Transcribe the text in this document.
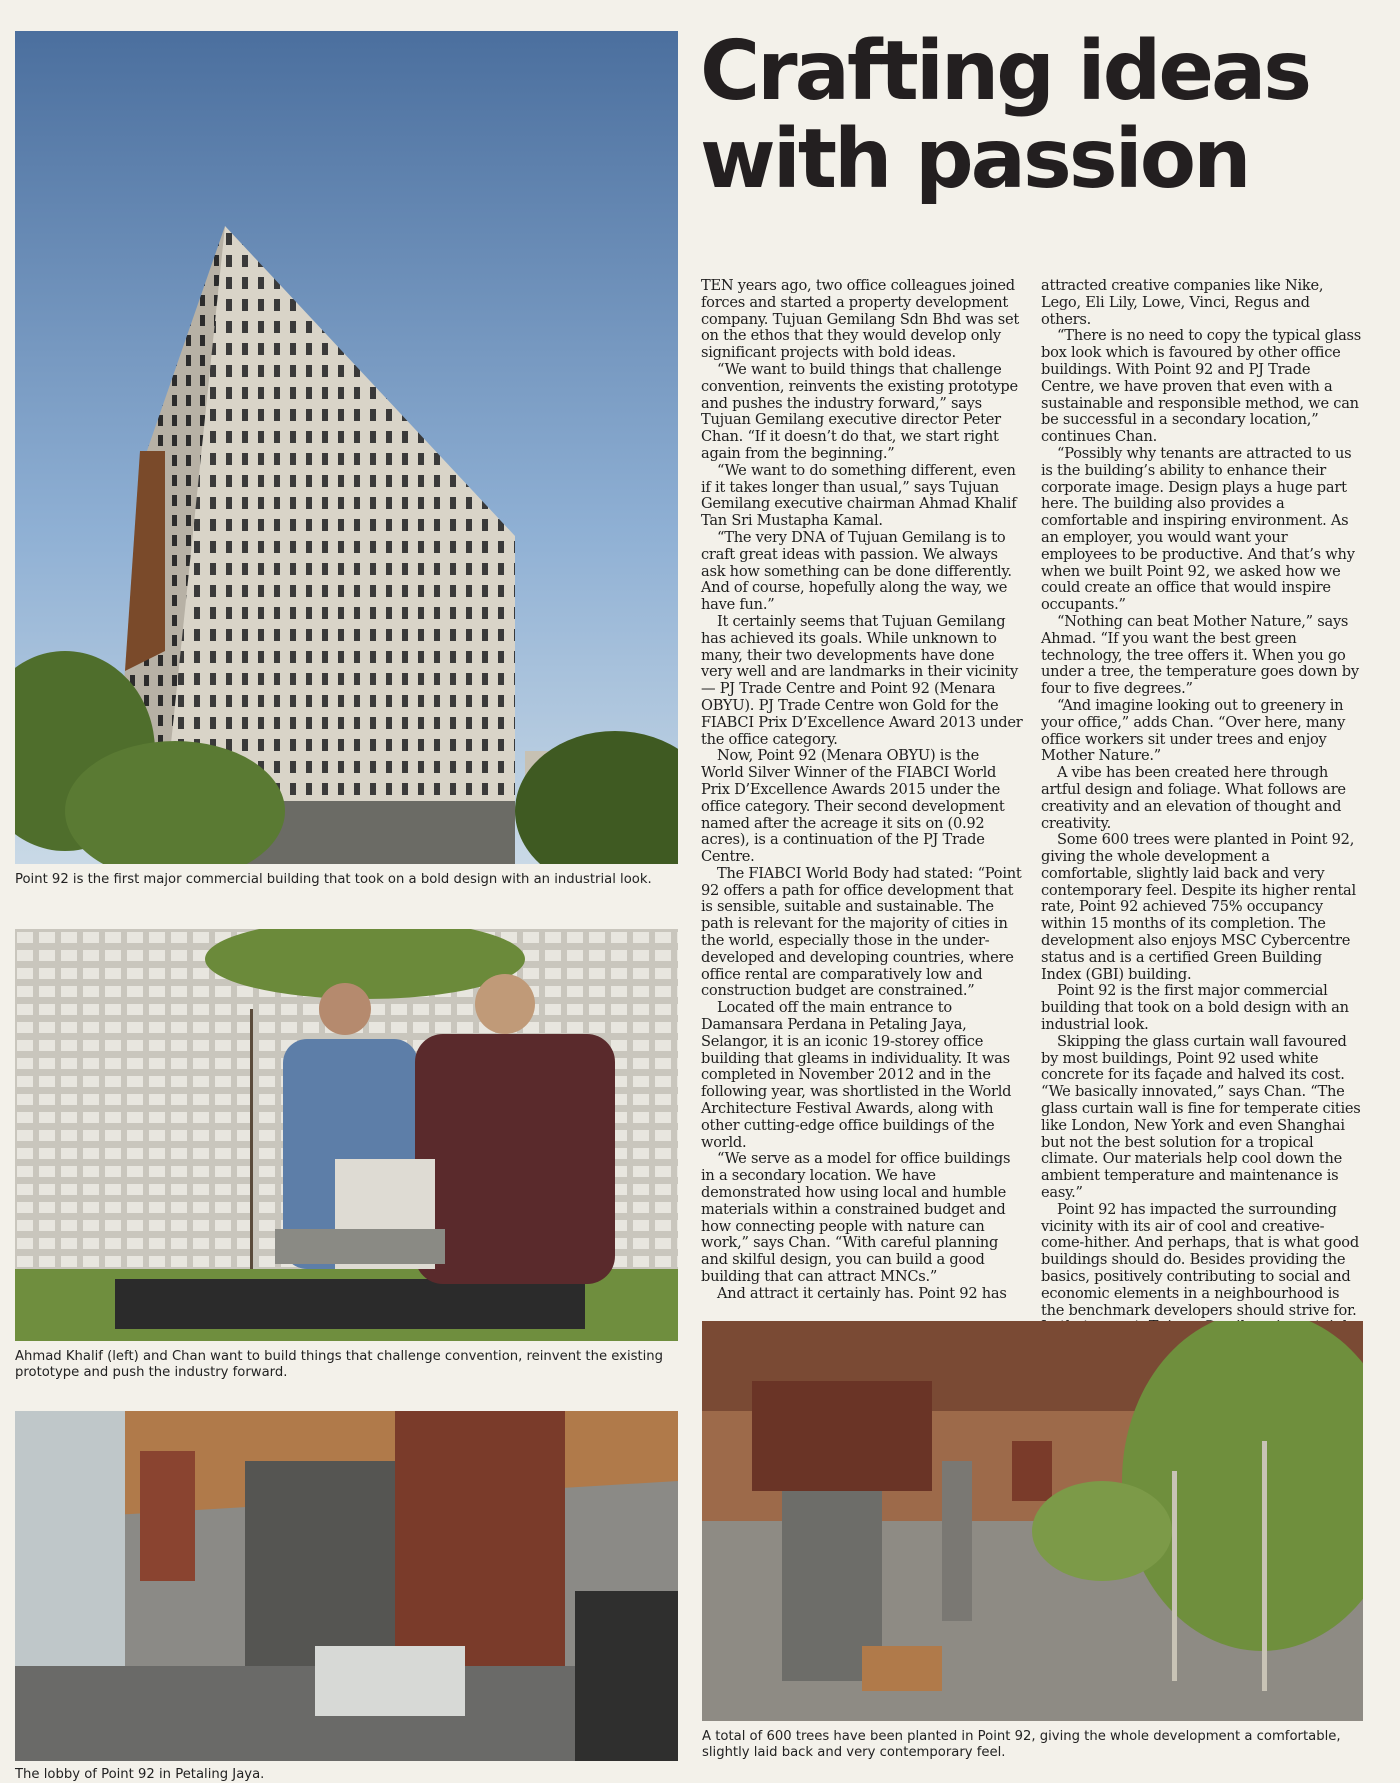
Point 92 is the first major commercial building that took on a bold design with an industrial look.
Ahmad Khalif (left) and Chan want to build things that challenge convention, reinvent the existing prototype and push the industry forward.
The lobby of Point 92 in Petaling Jaya.
Crafting ideas with passion

TEN years ago, two office colleagues joined forces and started a property development company. Tujuan Gemilang Sdn Bhd was set on the ethos that they would develop only significant projects with bold ideas.

“We want to build things that challenge convention, reinvents the existing prototype and pushes the industry forward,” says Tujuan Gemilang executive director Peter Chan. “If it doesn’t do that, we start right again from the beginning.”

“We want to do something different, even if it takes longer than usual,” says Tujuan Gemilang executive chairman Ahmad Khalif Tan Sri Mustapha Kamal.

“The very DNA of Tujuan Gemilang is to craft great ideas with passion. We always ask how something can be done differently. And of course, hopefully along the way, we have fun.”

It certainly seems that Tujuan Gemilang has achieved its goals. While unknown to many, their two developments have done very well and are landmarks in their vicinity — PJ Trade Centre and Point 92 (Menara OBYU). PJ Trade Centre won Gold for the FIABCI Prix D’Excellence Award 2013 under the office category.

Now, Point 92 (Menara OBYU) is the World Silver Winner of the FIABCI World Prix D’Excellence Awards 2015 under the office category. Their second development named after the acreage it sits on (0.92 acres), is a continuation of the PJ Trade Centre.

The FIABCI World Body had stated: “Point 92 offers a path for office development that is sensible, suitable and sustainable. The path is relevant for the majority of cities in the world, especially those in the under-developed and developing countries, where office rental are comparatively low and construction budget are constrained.”

Located off the main entrance to Damansara Perdana in Petaling Jaya, Selangor, it is an iconic 19-storey office building that gleams in individuality. It was completed in November 2012 and in the following year, was shortlisted in the World Architecture Festival Awards, along with other cutting-edge office buildings of the world.

“We serve as a model for office buildings in a secondary location. We have demonstrated how using local and humble materials within a constrained budget and how connecting people with nature can work,” says Chan. “With careful planning and skilful design, you can build a good building that can attract MNCs.”

And attract it certainly has. Point 92 has

attracted creative companies like Nike, Lego, Eli Lily, Lowe, Vinci, Regus and others.

“There is no need to copy the typical glass box look which is favoured by other office buildings. With Point 92 and PJ Trade Centre, we have proven that even with a sustainable and responsible method, we can be successful in a secondary location,” continues Chan.

“Possibly why tenants are attracted to us is the building’s ability to enhance their corporate image. Design plays a huge part here. The building also provides a comfortable and inspiring environment. As an employer, you would want your employees to be productive. And that’s why when we built Point 92, we asked how we could create an office that would inspire occupants.”

“Nothing can beat Mother Nature,” says Ahmad. “If you want the best green technology, the tree offers it. When you go under a tree, the temperature goes down by four to five degrees.”

“And imagine looking out to greenery in your office,” adds Chan. “Over here, many office workers sit under trees and enjoy Mother Nature.”

A vibe has been created here through artful design and foliage. What follows are creativity and an elevation of thought and creativity.

Some 600 trees were planted in Point 92, giving the whole development a comfortable, slightly laid back and very contemporary feel. Despite its higher rental rate, Point 92 achieved 75% occupancy within 15 months of its completion. The development also enjoys MSC Cybercentre status and is a certified Green Building Index (GBI) building.

Point 92 is the first major commercial building that took on a bold design with an industrial look.

Skipping the glass curtain wall favoured by most buildings, Point 92 used white concrete for its façade and halved its cost. “We basically innovated,” says Chan. “The glass curtain wall is fine for temperate cities like London, New York and even Shanghai but not the best solution for a tropical climate. Our materials help cool down the ambient temperature and maintenance is easy.”

Point 92 has impacted the surrounding vicinity with its air of cool and creative-come-hither. And perhaps, that is what good buildings should do. Besides providing the basics, positively contributing to social and economic elements in a neighbourhood is the benchmark developers should strive for.

A total of 600 trees have been planted in Point 92, giving the whole development a comfortable, slightly laid back and very contemporary feel.
